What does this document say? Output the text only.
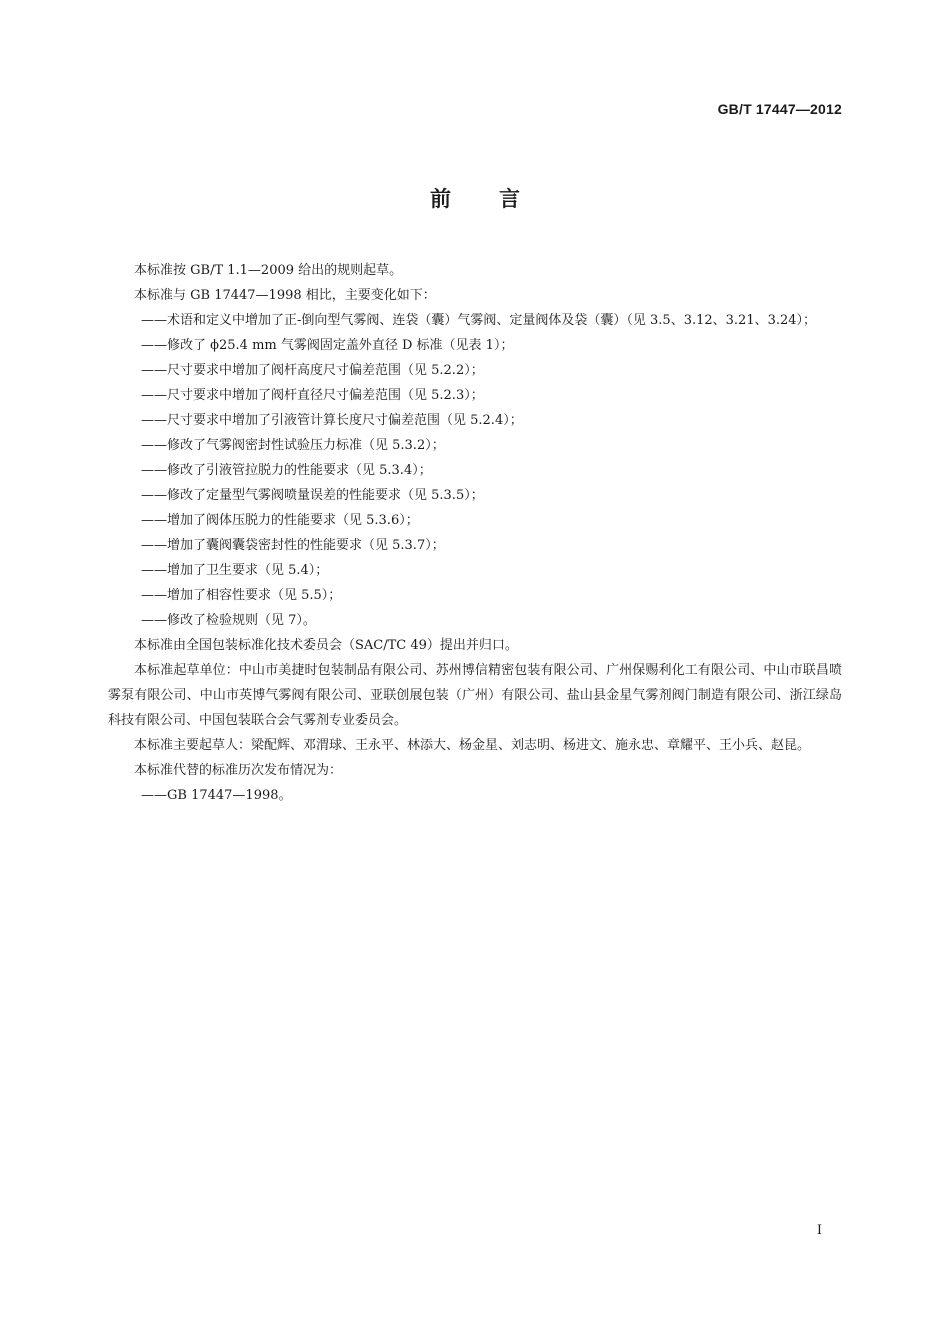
GB/T 17447—2012
前言

本标准按 GB/T 1.1—2009 给出的规则起草。

本标准与 GB 17447—1998 相比，主要变化如下：

——术语和定义中增加了正-倒向型气雾阀、连袋（囊）气雾阀、定量阀体及袋（囊）（见 3.5、3.12、3.21、3.24）；

——修改了 ϕ25.4 mm 气雾阀固定盖外直径 D 标准（见表 1）；

——尺寸要求中增加了阀杆高度尺寸偏差范围（见 5.2.2）；

——尺寸要求中增加了阀杆直径尺寸偏差范围（见 5.2.3）；

——尺寸要求中增加了引液管计算长度尺寸偏差范围（见 5.2.4）；

——修改了气雾阀密封性试验压力标准（见 5.3.2）；

——修改了引液管拉脱力的性能要求（见 5.3.4）；

——修改了定量型气雾阀喷量误差的性能要求（见 5.3.5）；

——增加了阀体压脱力的性能要求（见 5.3.6）；

——增加了囊阀囊袋密封性的性能要求（见 5.3.7）；

——增加了卫生要求（见 5.4）；

——增加了相容性要求（见 5.5）；

——修改了检验规则（见 7）。

本标准由全国包装标准化技术委员会（SAC/TC 49）提出并归口。

本标准起草单位：中山市美捷时包装制品有限公司、苏州博信精密包装有限公司、广州保赐利化工有限公司、中山市联昌喷雾泵有限公司、中山市英博气雾阀有限公司、亚联创展包装（广州）有限公司、盐山县金星气雾剂阀门制造有限公司、浙江绿岛科技有限公司、中国包装联合会气雾剂专业委员会。

本标准主要起草人：梁配辉、邓渭球、王永平、林添大、杨金星、刘志明、杨进文、施永忠、章耀平、王小兵、赵昆。

本标准代替的标准历次发布情况为：

——GB 17447—1998。

I
